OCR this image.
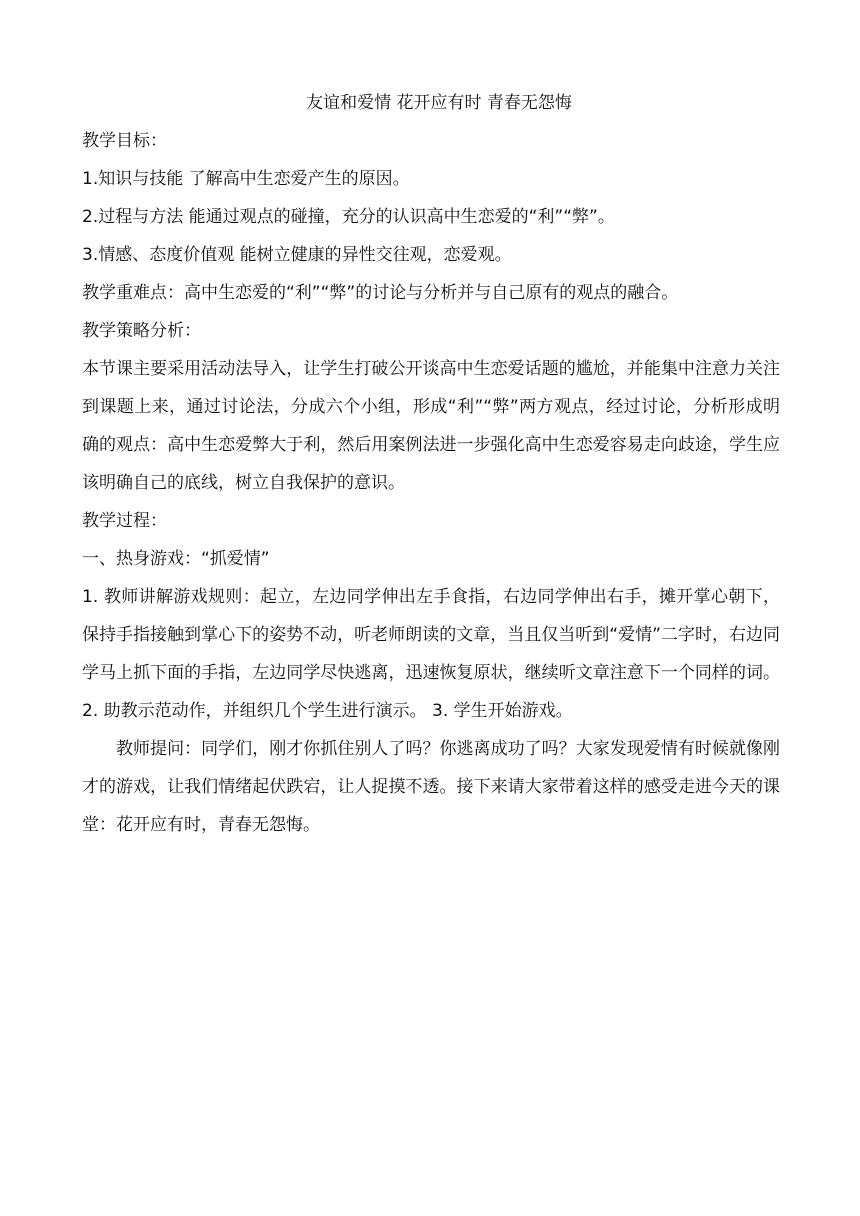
友谊和爱情 花开应有时 青春无怨悔

教学目标：

1.知识与技能 了解高中生恋爱产生的原因。

2.过程与方法 能通过观点的碰撞，充分的认识高中生恋爱的“利”“弊”。

3.情感、态度价值观 能树立健康的异性交往观，恋爱观。

教学重难点：高中生恋爱的“利”“弊”的讨论与分析并与自己原有的观点的融合。

教学策略分析：

本节课主要采用活动法导入，让学生打破公开谈高中生恋爱话题的尴尬，并能集中注意力关注到课题上来，通过讨论法，分成六个小组，形成“利”“弊”两方观点，经过讨论，分析形成明确的观点：高中生恋爱弊大于利，然后用案例法进一步强化高中生恋爱容易走向歧途，学生应该明确自己的底线，树立自我保护的意识。

教学过程：

一、热身游戏：“抓爱情”

1. 教师讲解游戏规则：起立，左边同学伸出左手食指，右边同学伸出右手，摊开掌心朝下，保持手指接触到掌心下的姿势不动，听老师朗读的文章，当且仅当听到“爱情”二字时，右边同学马上抓下面的手指，左边同学尽快逃离，迅速恢复原状，继续听文章注意下一个同样的词。 2. 助教示范动作，并组织几个学生进行演示。 3. 学生开始游戏。

教师提问：同学们，刚才你抓住别人了吗？你逃离成功了吗？大家发现爱情有时候就像刚才的游戏，让我们情绪起伏跌宕，让人捉摸不透。接下来请大家带着这样的感受走进今天的课堂：花开应有时，青春无怨悔。
